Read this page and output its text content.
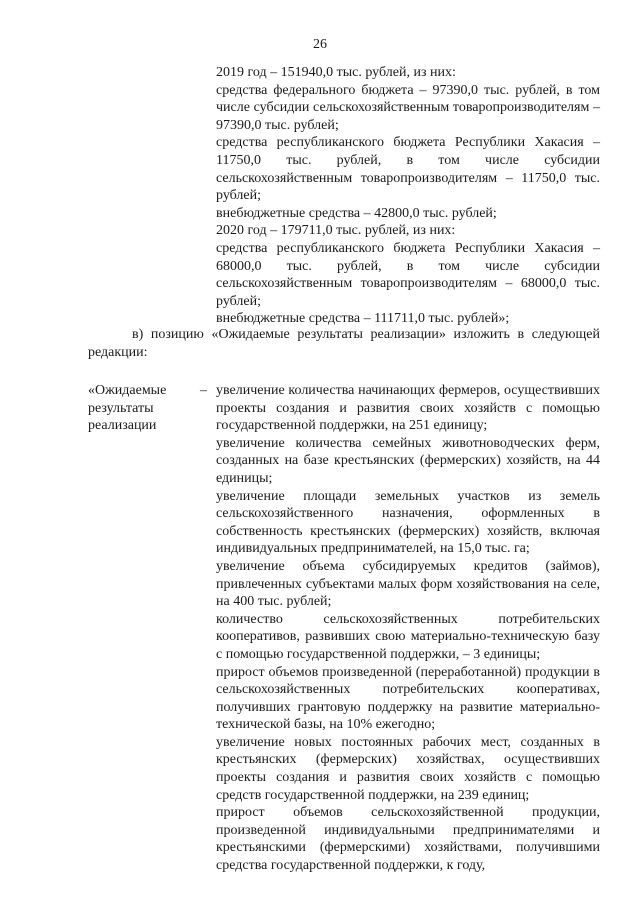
26

2019 год – 151940,0 тыс. рублей, из них:

средства федерального бюджета – 97390,0 тыс. рублей, в том числе субсидии сельскохозяйственным товаропроизводителям – 97390,0 тыс. рублей;

средства республиканского бюджета Республики Хакасия – 11750,0 тыс. рублей, в том числе субсидии сельскохозяйственным товаропроизводителям – 11750,0 тыс. рублей;

внебюджетные средства – 42800,0 тыс. рублей;

2020 год – 179711,0 тыс. рублей, из них:

средства республиканского бюджета Республики Хакасия – 68000,0 тыс. рублей, в том числе субсидии сельскохозяйственным товаропроизводителям – 68000,0 тыс. рублей;

внебюджетные средства – 111711,0 тыс. рублей»;

в) позицию «Ожидаемые результаты реализации» изложить в следующей редакции:

«Ожидаемые
результаты
реализации
– увеличение количества начинающих фермеров, осуществивших проекты создания и развития своих хозяйств с помощью государственной поддержки, на 251 единицу;

увеличение количества семейных животноводческих ферм, созданных на базе крестьянских (фермерских) хозяйств, на 44 единицы;

увеличение площади земельных участков из земель сельскохозяйственного назначения, оформленных в собственность крестьянских (фермерских) хозяйств, включая индивидуальных предпринимателей, на 15,0 тыс. га;

увеличение объема субсидируемых кредитов (займов), привлеченных субъектами малых форм хозяйствования на селе, на 400 тыс. рублей;

количество сельскохозяйственных потребительских кооперативов, развивших свою материально-техническую базу с помощью государственной поддержки, – 3 единицы;

прирост объемов произведенной (переработанной) продукции в сельскохозяйственных потребительских кооперативах, получивших грантовую поддержку на развитие материально-технической базы, на 10% ежегодно;

увеличение новых постоянных рабочих мест, созданных в крестьянских (фермерских) хозяйствах, осуществивших проекты создания и развития своих хозяйств с помощью средств государственной поддержки, на 239 единиц;

прирост объемов сельскохозяйственной продукции, произведенной индивидуальными предпринимателями и крестьянскими (фермерскими) хозяйствами, получившими средства государственной поддержки, к году,
